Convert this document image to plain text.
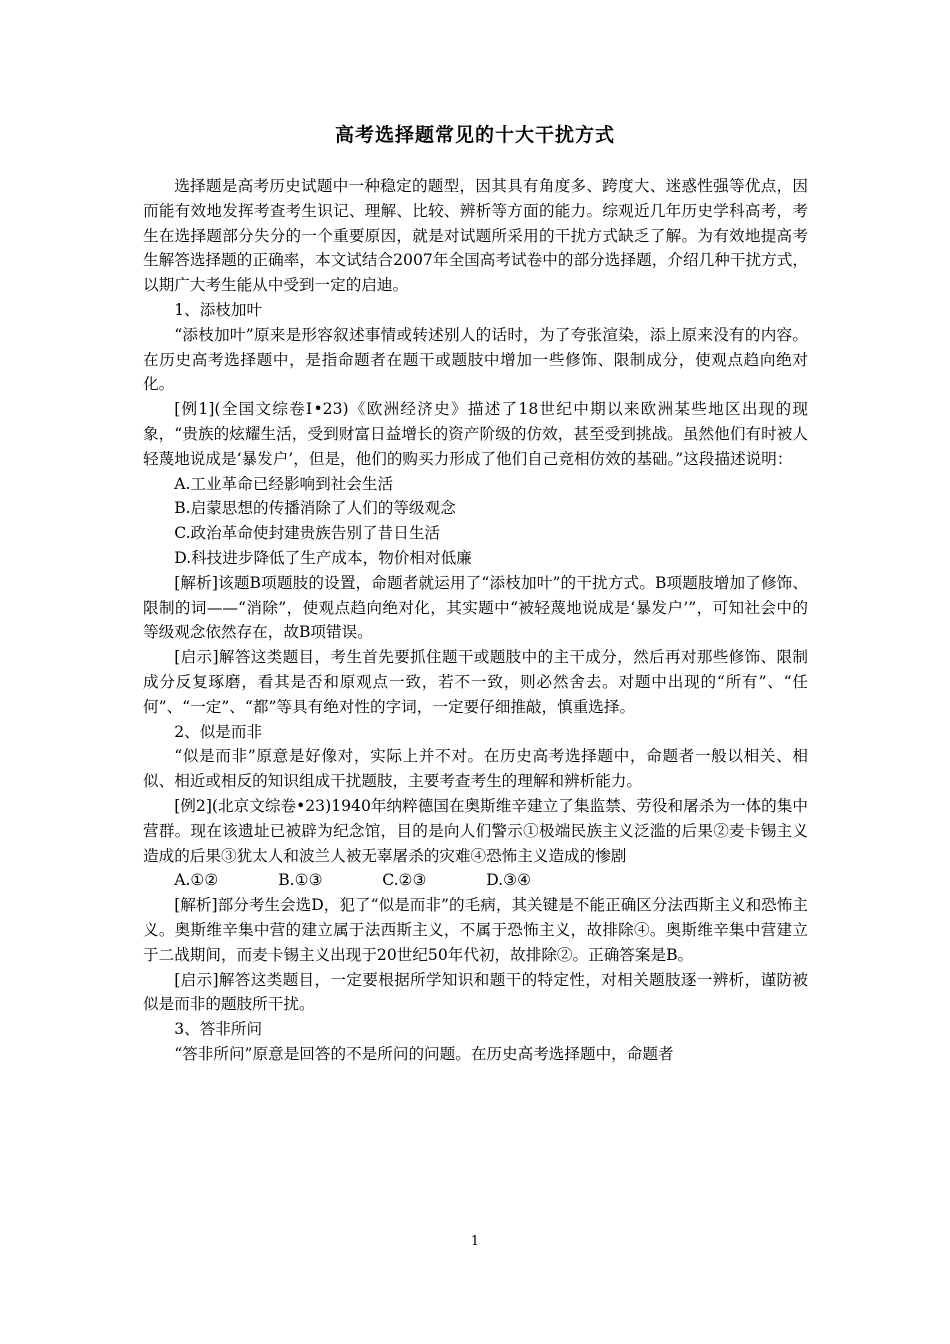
高考选择题常见的十大干扰方式

选择题是高考历史试题中一种稳定的题型，因其具有角度多、跨度大、迷惑性强等优点，因而能有效地发挥考查考生识记、理解、比较、辨析等方面的能力。综观近几年历史学科高考，考生在选择题部分失分的一个重要原因，就是对试题所采用的干扰方式缺乏了解。为有效地提高考生解答选择题的正确率，本文试结合2007年全国高考试卷中的部分选择题，介绍几种干扰方式，以期广大考生能从中受到一定的启迪。

1、添枝加叶

“添枝加叶”原来是形容叙述事情或转述别人的话时，为了夸张渲染，添上原来没有的内容。在历史高考选择题中，是指命题者在题干或题肢中增加一些修饰、限制成分，使观点趋向绝对化。

[例1](全国文综卷Ⅰ•23)《欧洲经济史》描述了18世纪中期以来欧洲某些地区出现的现象，“贵族的炫耀生活，受到财富日益增长的资产阶级的仿效，甚至受到挑战。虽然他们有时被人轻蔑地说成是‘暴发户’，但是，他们的购买力形成了他们自己竞相仿效的基础。”这段描述说明：

A.工业革命已经影响到社会生活

B.启蒙思想的传播消除了人们的等级观念

C.政治革命使封建贵族告别了昔日生活

D.科技进步降低了生产成本，物价相对低廉

[解析]该题B项题肢的设置，命题者就运用了“添枝加叶”的干扰方式。B项题肢增加了修饰、限制的词——“消除”，使观点趋向绝对化，其实题中“被轻蔑地说成是‘暴发户’”，可知社会中的等级观念依然存在，故B项错误。

[启示]解答这类题目，考生首先要抓住题干或题肢中的主干成分，然后再对那些修饰、限制成分反复琢磨，看其是否和原观点一致，若不一致，则必然舍去。对题中出现的“所有”、“任何”、“一定”、“都”等具有绝对性的字词，一定要仔细推敲，慎重选择。

2、似是而非

“似是而非”原意是好像对，实际上并不对。在历史高考选择题中，命题者一般以相关、相似、相近或相反的知识组成干扰题肢，主要考查考生的理解和辨析能力。

[例2](北京文综卷•23)1940年纳粹德国在奥斯维辛建立了集监禁、劳役和屠杀为一体的集中营群。现在该遗址已被辟为纪念馆，目的是向人们警示①极端民族主义泛滥的后果②麦卡锡主义造成的后果③犹太人和波兰人被无辜屠杀的灾难④恐怖主义造成的惨剧

A.①②	B.①③	C.②③	D.③④

[解析]部分考生会选D，犯了“似是而非”的毛病，其关键是不能正确区分法西斯主义和恐怖主义。奥斯维辛集中营的建立属于法西斯主义，不属于恐怖主义，故排除④。奥斯维辛集中营建立于二战期间，而麦卡锡主义出现于20世纪50年代初，故排除②。正确答案是B。

[启示]解答这类题目，一定要根据所学知识和题干的特定性，对相关题肢逐一辨析，谨防被似是而非的题肢所干扰。

3、答非所问

“答非所问”原意是回答的不是所问的问题。在历史高考选择题中，命题者

1
